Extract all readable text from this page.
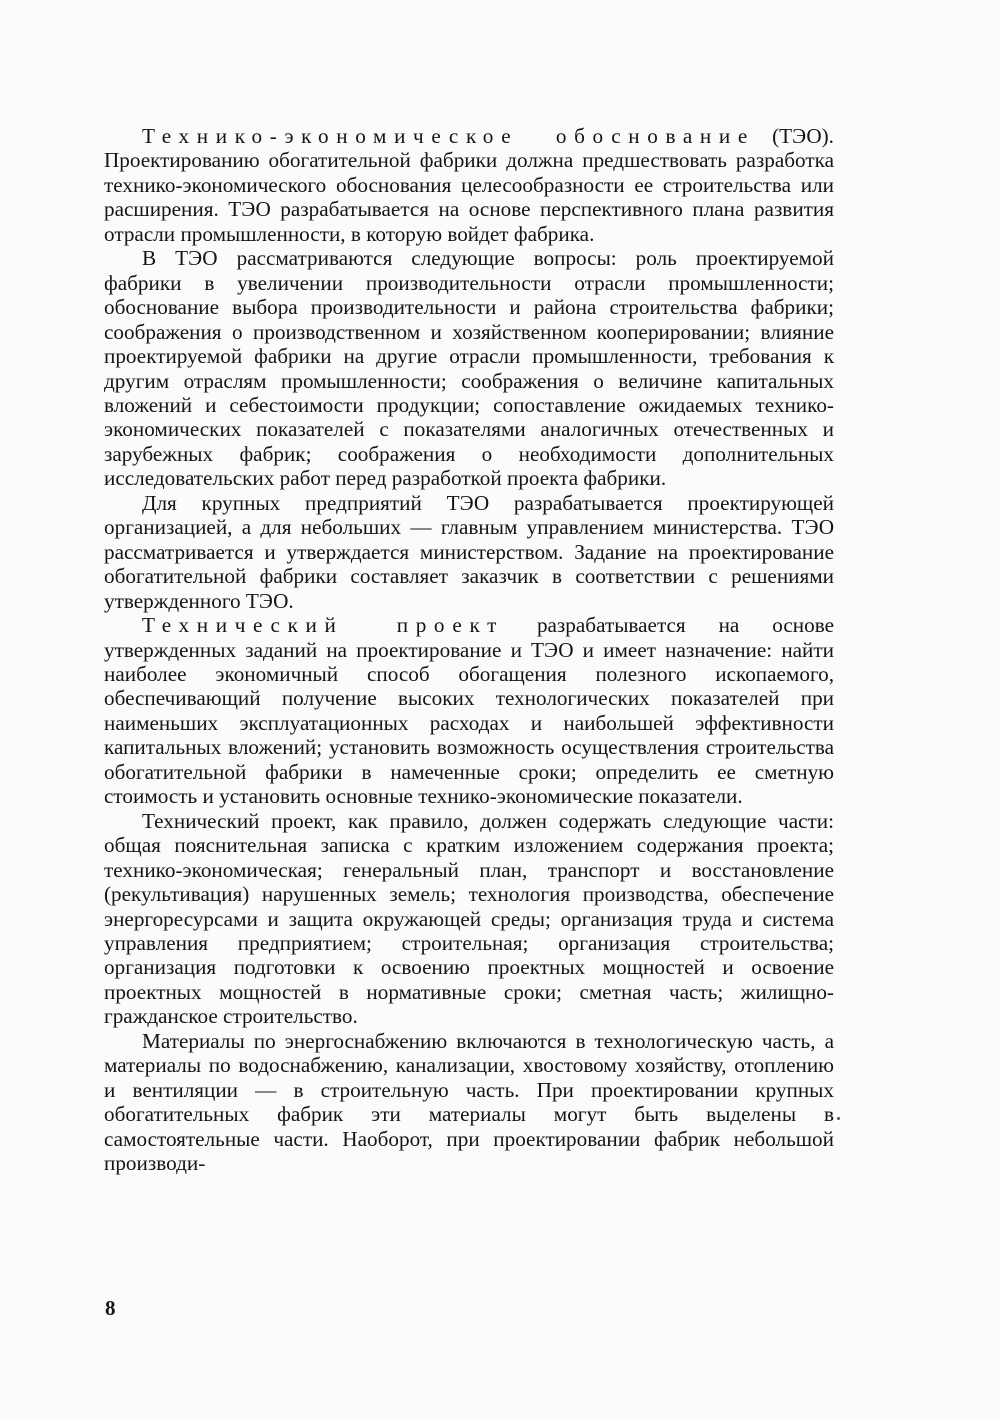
Технико-экономическое обоснование (ТЭО). Проектированию обогатительной фабрики должна предшествовать разработка технико-экономического обоснования целесообразности ее строительства или расширения. ТЭО разрабатывается на основе перспективного плана развития отрасли промышленности, в которую войдет фабрика.

В ТЭО рассматриваются следующие вопросы: роль проектируемой фабрики в увеличении производительности отрасли промышленности; обоснование выбора производительности и района строительства фабрики; соображения о производственном и хозяйственном кооперировании; влияние проектируемой фабрики на другие отрасли промышленности, требования к другим отраслям промышленности; соображения о величине капитальных вложений и себестоимости продукции; сопоставление ожидаемых технико-экономических показателей с показателями аналогичных отечественных и зарубежных фабрик; соображения о необходимости дополнительных исследовательских работ перед разработкой проекта фабрики.

Для крупных предприятий ТЭО разрабатывается проектирующей организацией, а для небольших — главным управлением министерства. ТЭО рассматривается и утверждается министерством. Задание на проектирование обогатительной фабрики составляет заказчик в соответствии с решениями утвержденного ТЭО.

Технический проект разрабатывается на основе утвержденных заданий на проектирование и ТЭО и имеет назначение: найти наиболее экономичный способ обогащения полезного ископаемого, обеспечивающий получение высоких технологических показателей при наименьших эксплуатационных расходах и наибольшей эффективности капитальных вложений; установить возможность осуществления строительства обогатительной фабрики в намеченные сроки; определить ее сметную стоимость и установить основные технико-экономические показатели.

Технический проект, как правило, должен содержать следующие части: общая пояснительная записка с кратким изложением содержания проекта; технико-экономическая; генеральный план, транспорт и восстановление (рекультивация) нарушенных земель; технология производства, обеспечение энергоресурсами и защита окружающей среды; организация труда и система управления предприятием; строительная; организация строительства; организация подготовки к освоению проектных мощностей и освоение проектных мощностей в нормативные сроки; сметная часть; жилищно-гражданское строительство.

Материалы по энергоснабжению включаются в технологическую часть, а материалы по водоснабжению, канализации, хвостовому хозяйству, отоплению и вентиляции — в строительную часть. При проектировании крупных обогатительных фабрик эти материалы могут быть выделены в самостоятельные части. Наоборот, при проектировании фабрик небольшой производи-

8
